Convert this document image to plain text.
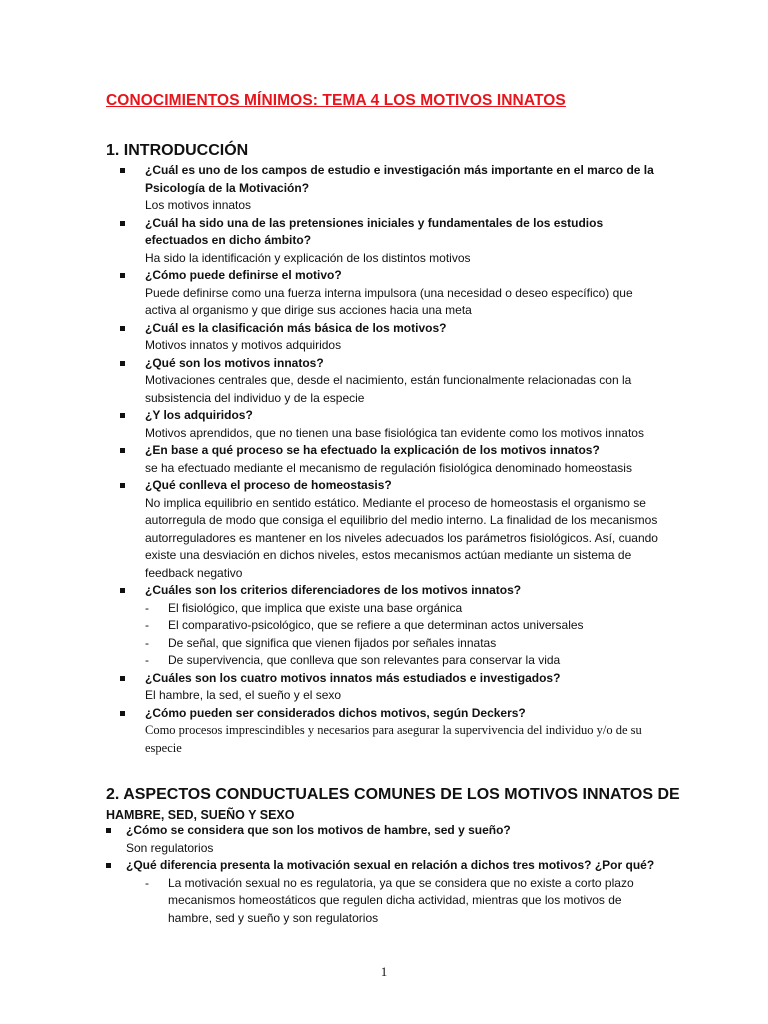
CONOCIMIENTOS MÍNIMOS: TEMA 4 LOS MOTIVOS INNATOS
1. INTRODUCCIÓN
¿Cuál es uno de los campos de estudio e investigación más importante en el marco de la Psicología de la Motivación?
Los motivos innatos
¿Cuál ha sido una de las pretensiones iniciales y fundamentales de los estudios efectuados en dicho ámbito?
Ha sido la identificación y explicación de los distintos motivos
¿Cómo puede definirse el motivo?
Puede definirse como una fuerza interna impulsora (una necesidad o deseo específico) que activa al organismo y que dirige sus acciones hacia una meta
¿Cuál es la clasificación más básica de los motivos?
Motivos innatos y motivos adquiridos
¿Qué son los motivos innatos?
Motivaciones centrales que, desde el nacimiento, están funcionalmente relacionadas con la subsistencia del individuo y de la especie
¿Y los adquiridos?
Motivos aprendidos, que no tienen una base fisiológica tan evidente como los motivos innatos
¿En base a qué proceso se ha efectuado la explicación de los motivos innatos?
se ha efectuado mediante el mecanismo de regulación fisiológica denominado homeostasis
¿Qué conlleva el proceso de homeostasis?
No implica equilibrio en sentido estático. Mediante el proceso de homeostasis el organismo se autorregula de modo que consiga el equilibrio del medio interno. La finalidad de los mecanismos autorreguladores es mantener en los niveles adecuados los parámetros fisiológicos. Así, cuando existe una desviación en dichos niveles, estos mecanismos actúan mediante un sistema de feedback negativo
¿Cuáles son los criterios diferenciadores de los motivos innatos?
- El fisiológico, que implica que existe una base orgánica
- El comparativo-psicológico, que se refiere a que determinan actos universales
- De señal, que significa que vienen fijados por señales innatas
- De supervivencia, que conlleva que son relevantes para conservar la vida
¿Cuáles son los cuatro motivos innatos más estudiados e investigados?
El hambre, la sed, el sueño y el sexo
¿Cómo pueden ser considerados dichos motivos, según Deckers?
Como procesos imprescindibles y necesarios para asegurar la supervivencia del individuo y/o de su especie
2. ASPECTOS CONDUCTUALES COMUNES DE LOS MOTIVOS INNATOS DE
HAMBRE, SED, SUEÑO Y SEXO
¿Cómo se considera que son los motivos de hambre, sed y sueño?
Son regulatorios
¿Qué diferencia presenta la motivación sexual en relación a dichos tres motivos? ¿Por qué?
- La motivación sexual no es regulatoria, ya que se considera que no existe a corto plazo mecanismos homeostáticos que regulen dicha actividad, mientras que los motivos de hambre, sed y sueño y son regulatorios
1
